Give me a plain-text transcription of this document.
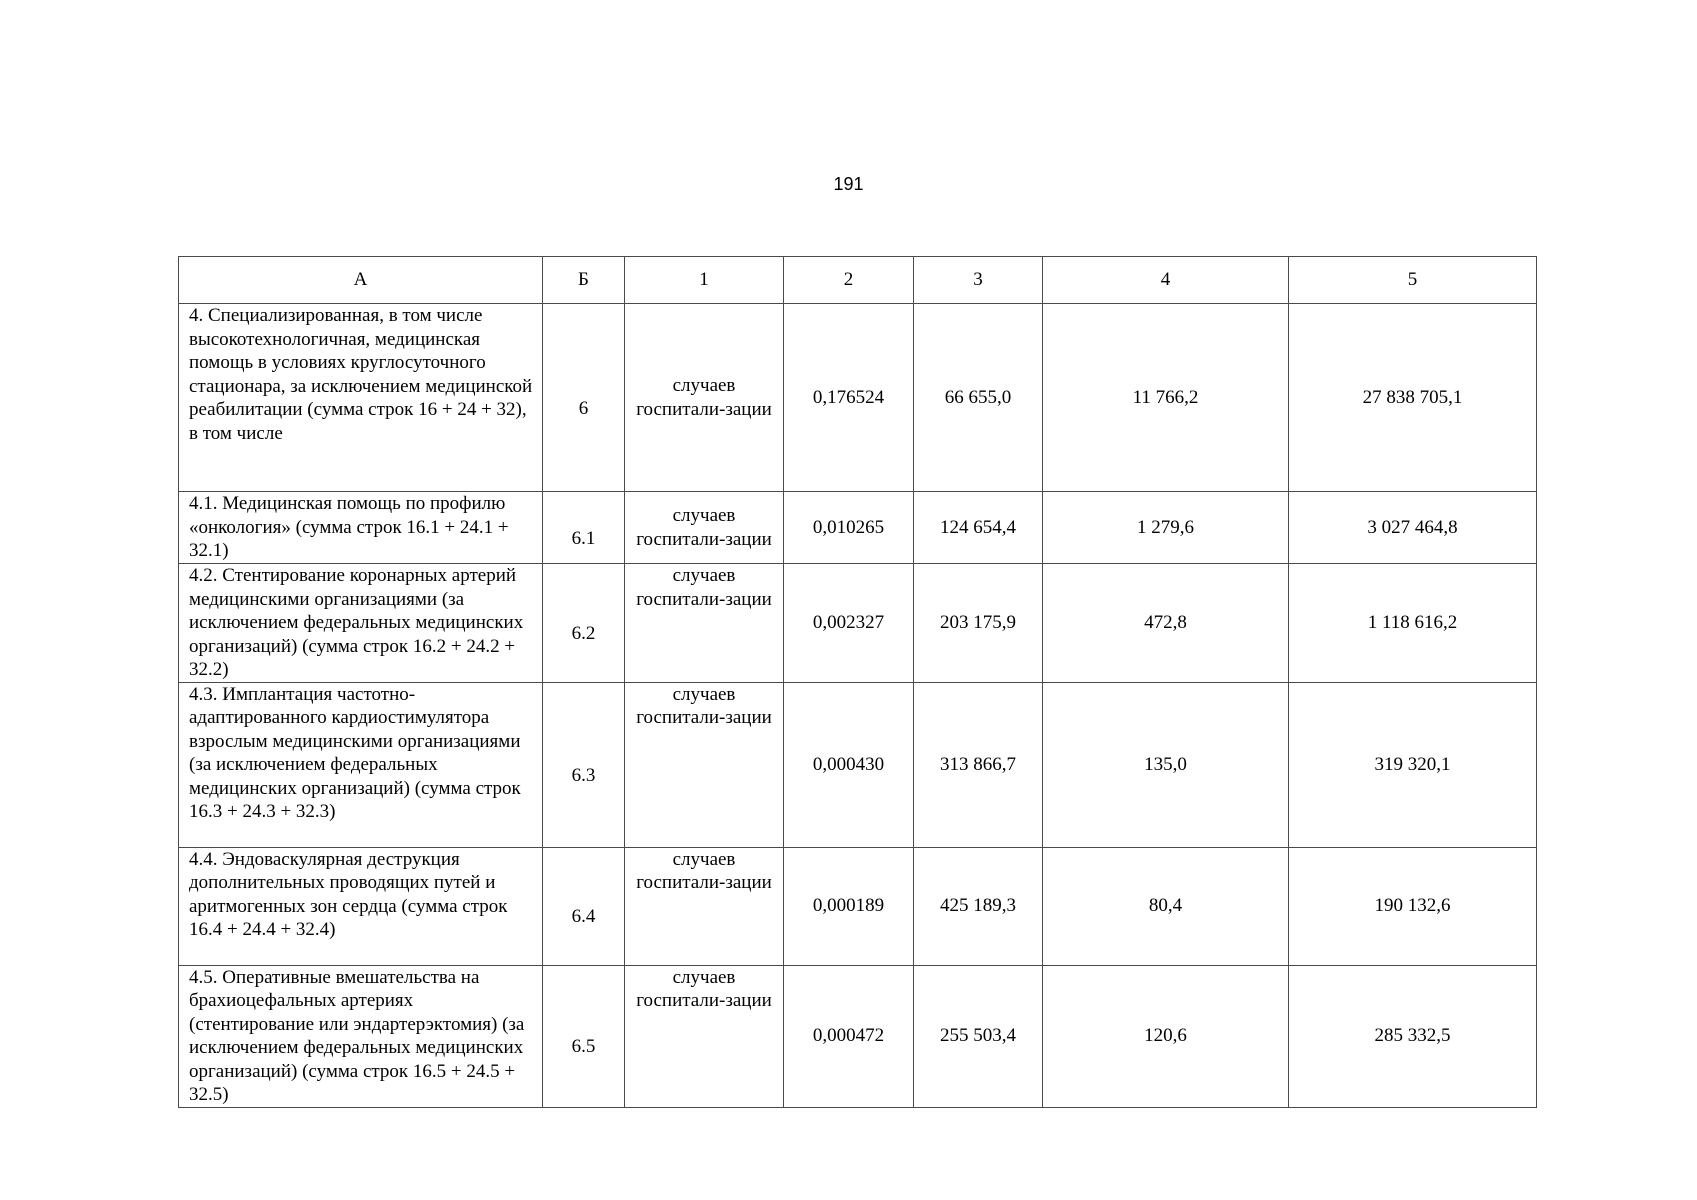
191
А	Б	1	2	3	4	5
4. Специализированная, в том числе высокотехнологичная, медицинская помощь в условиях круглосуточного стационара, за исключением медицинской реабилитации (сумма строк 16 + 24 + 32), в том числе	6	случаев госпитали-зации	0,176524	66 655,0	11 766,2	27 838 705,1
4.1. Медицинская помощь по профилю «онкология» (сумма строк 16.1 + 24.1 + 32.1)	6.1	случаев госпитали-зации	0,010265	124 654,4	1 279,6	3 027 464,8
4.2. Стентирование коронарных артерий медицинскими организациями (за исключением федеральных медицинских организаций) (сумма строк 16.2 + 24.2 + 32.2)	6.2	случаев госпитали-зации	0,002327	203 175,9	472,8	1 118 616,2
4.3. Имплантация частотно-адаптированного кардиостимулятора взрослым медицинскими организациями (за исключением федеральных медицинских организаций) (сумма строк 16.3 + 24.3 + 32.3)	6.3	случаев госпитали-зации	0,000430	313 866,7	135,0	319 320,1
4.4. Эндоваскулярная деструкция дополнительных проводящих путей и аритмогенных зон сердца (сумма строк 16.4 + 24.4 + 32.4)	6.4	случаев госпитали-зации	0,000189	425 189,3	80,4	190 132,6
4.5. Оперативные вмешательства на брахиоцефальных артериях (стентирование или эндартерэктомия) (за исключением федеральных медицинских организаций) (сумма строк 16.5 + 24.5 + 32.5)	6.5	случаев госпитали-зации	0,000472	255 503,4	120,6	285 332,5
